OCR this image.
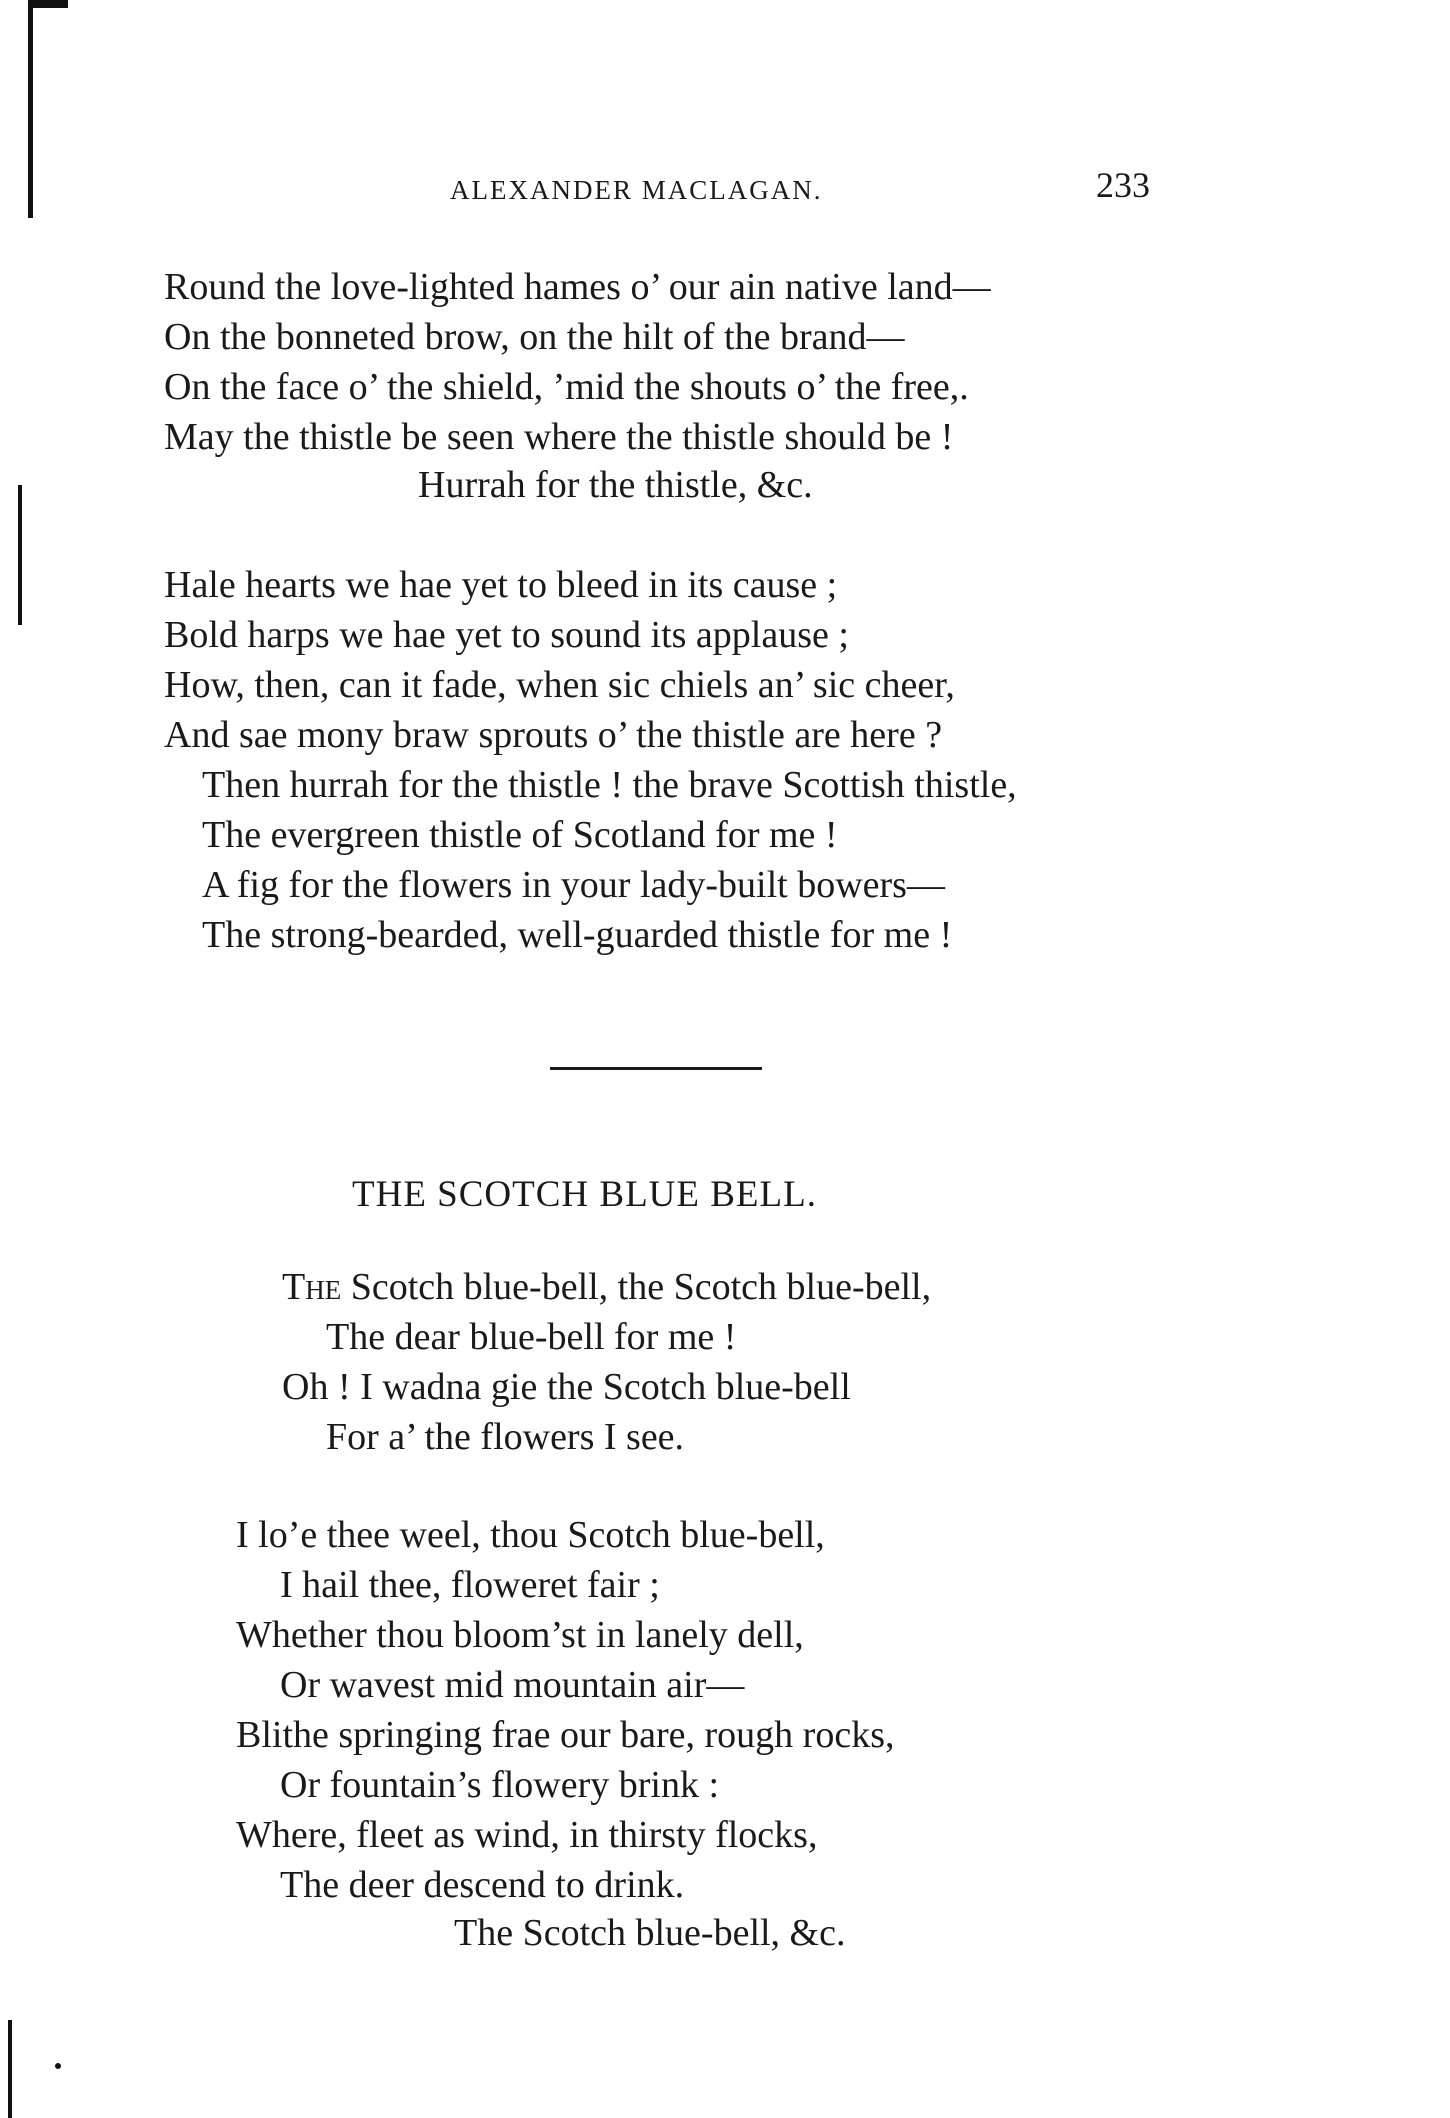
ALEXANDER MACLAGAN.	233
Round the love-lighted hames o’ our ain native land—
On the bonneted brow, on the hilt of the brand—
On the face o’ the shield, ’mid the shouts o’ the free,.
May the thistle be seen where the thistle should be !
Hurrah for the thistle, &c.
Hale hearts we hae yet to bleed in its cause ;
Bold harps we hae yet to sound its applause ;
How, then, can it fade, when sic chiels an’ sic cheer,
And sae mony braw sprouts o’ the thistle are here ?
Then hurrah for the thistle ! the brave Scottish thistle,
The evergreen thistle of Scotland for me !
A fig for the flowers in your lady-built bowers—
The strong-bearded, well-guarded thistle for me !
THE SCOTCH BLUE BELL.
The Scotch blue-bell, the Scotch blue-bell,
The dear blue-bell for me !
Oh ! I wadna gie the Scotch blue-bell
For a’ the flowers I see.
I lo’e thee weel, thou Scotch blue-bell,
I hail thee, floweret fair ;
Whether thou bloom’st in lanely dell,
Or wavest mid mountain air—
Blithe springing frae our bare, rough rocks,
Or fountain’s flowery brink :
Where, fleet as wind, in thirsty flocks,
The deer descend to drink.
The Scotch blue-bell, &c.
